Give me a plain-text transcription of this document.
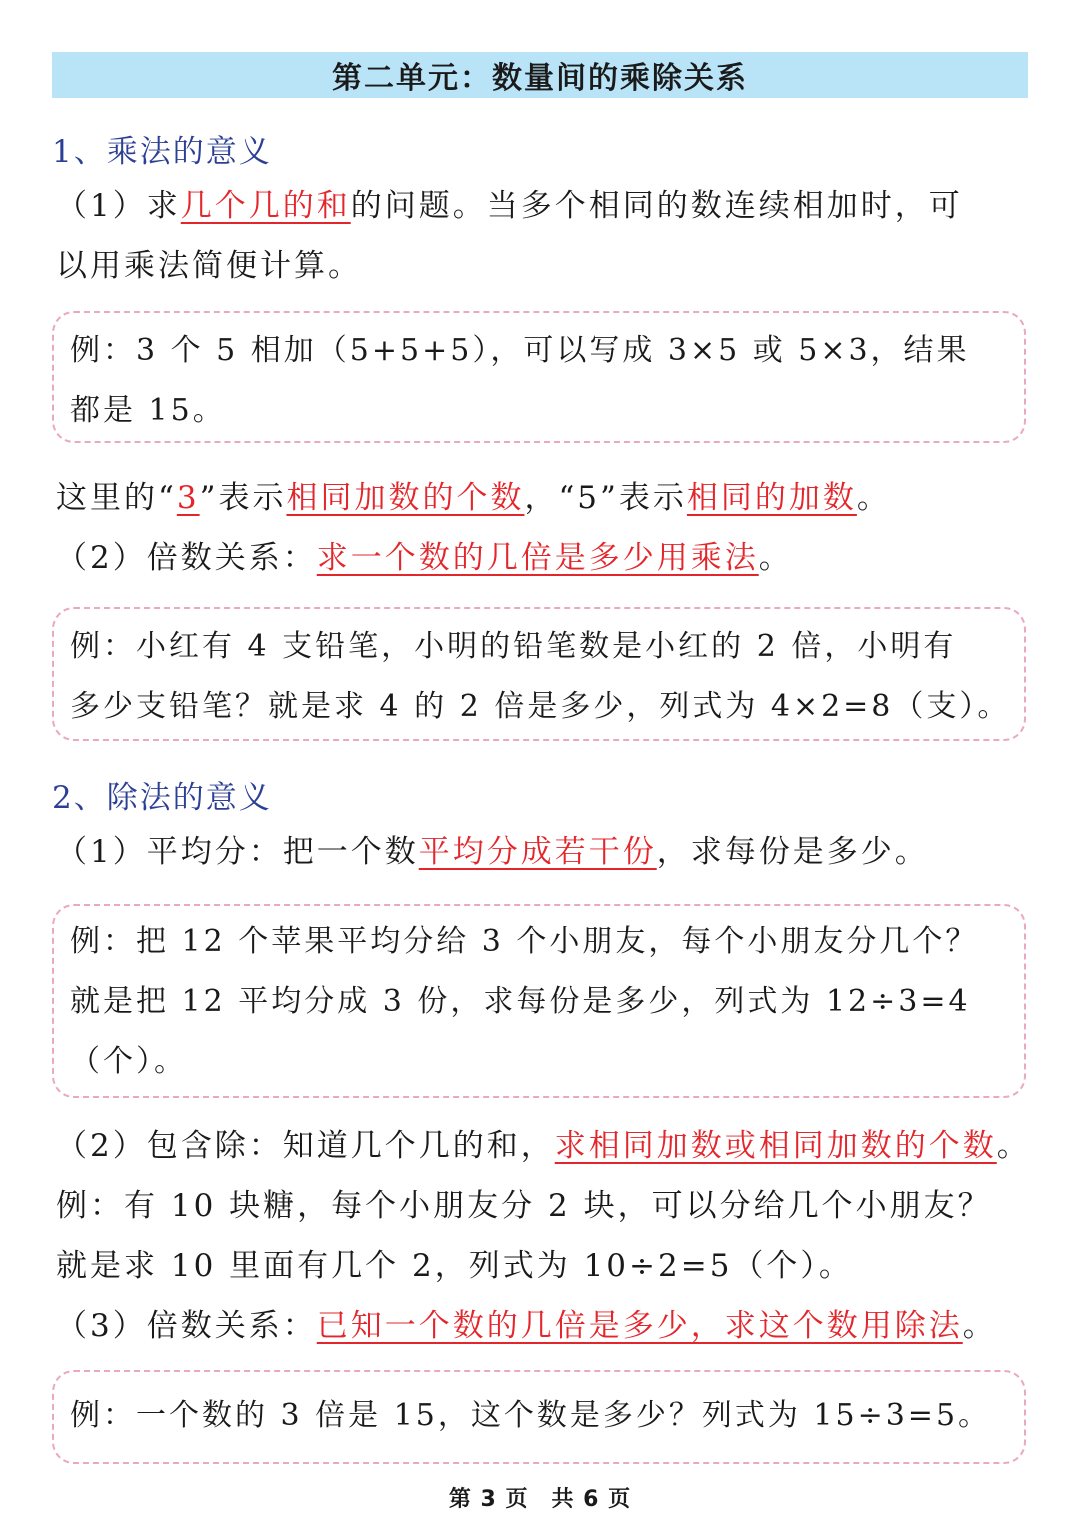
第二单元：数量间的乘除关系
1、乘法的意义
（1）求几个几的和的问题。当多个相同的数连续相加时，可
以用乘法简便计算。
例：3 个 5 相加（5+5+5），可以写成 3×5 或 5×3，结果
都是 15。
这里的“3”表示相同加数的个数，“5”表示相同的加数。
（2）倍数关系：求一个数的几倍是多少用乘法。
例：小红有 4 支铅笔，小明的铅笔数是小红的 2 倍，小明有
多少支铅笔？就是求 4 的 2 倍是多少，列式为 4×2=8（支）。
2、除法的意义
（1）平均分：把一个数平均分成若干份，求每份是多少。
例：把 12 个苹果平均分给 3 个小朋友，每个小朋友分几个？
就是把 12 平均分成 3 份，求每份是多少，列式为 12÷3=4
（个）。
（2）包含除：知道几个几的和，求相同加数或相同加数的个数。
例：有 10 块糖，每个小朋友分 2 块，可以分给几个小朋友？
就是求 10 里面有几个 2，列式为 10÷2=5（个）。
（3）倍数关系：已知一个数的几倍是多少，求这个数用除法。
例：一个数的 3 倍是 15，这个数是多少？列式为 15÷3=5。
第 3 页　共 6 页
